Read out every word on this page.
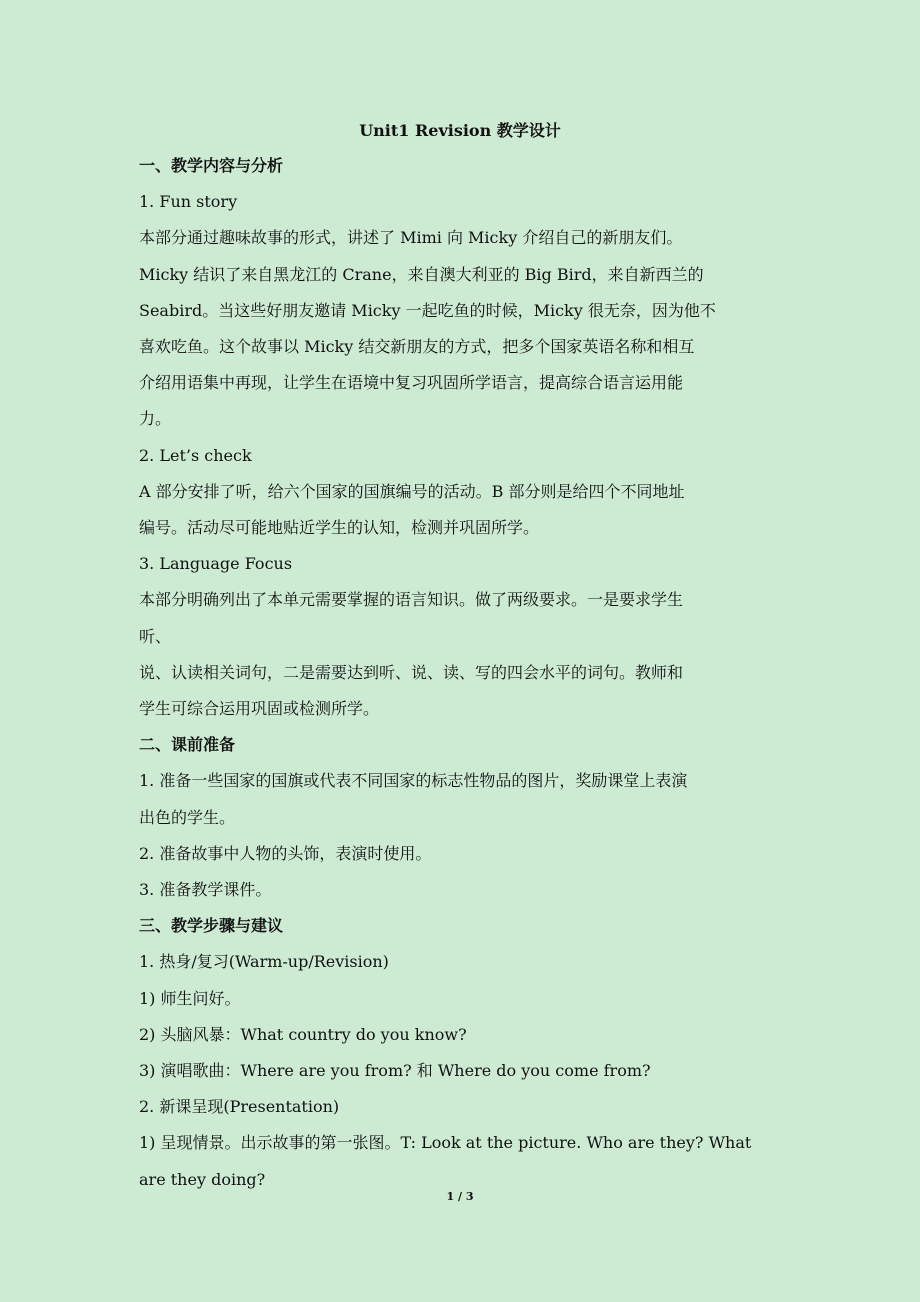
Unit1 Revision 教学设计

一、教学内容与分析

1. Fun story

本部分通过趣味故事的形式，讲述了 Mimi 向 Micky 介绍自己的新朋友们。

Micky 结识了来自黑龙江的 Crane，来自澳大利亚的 Big Bird，来自新西兰的

Seabird。当这些好朋友邀请 Micky 一起吃鱼的时候，Micky 很无奈，因为他不

喜欢吃鱼。这个故事以 Micky 结交新朋友的方式，把多个国家英语名称和相互

介绍用语集中再现，让学生在语境中复习巩固所学语言，提高综合语言运用能

力。

2. Let’s check

A 部分安排了听，给六个国家的国旗编号的活动。B 部分则是给四个不同地址

编号。活动尽可能地贴近学生的认知，检测并巩固所学。

3. Language Focus

本部分明确列出了本单元需要掌握的语言知识。做了两级要求。一是要求学生

听、

说、认读相关词句，二是需要达到听、说、读、写的四会水平的词句。教师和

学生可综合运用巩固或检测所学。

二、课前准备

1. 准备一些国家的国旗或代表不同国家的标志性物品的图片，奖励课堂上表演

出色的学生。

2. 准备故事中人物的头饰，表演时使用。

3. 准备教学课件。

三、教学步骤与建议

1. 热身/复习(Warm-up/Revision)

1) 师生问好。

2) 头脑风暴：What country do you know?

3) 演唱歌曲：Where are you from? 和 Where do you come from?

2. 新课呈现(Presentation)

1) 呈现情景。出示故事的第一张图。T: Look at the picture. Who are they? What

are they doing?

1 / 3
